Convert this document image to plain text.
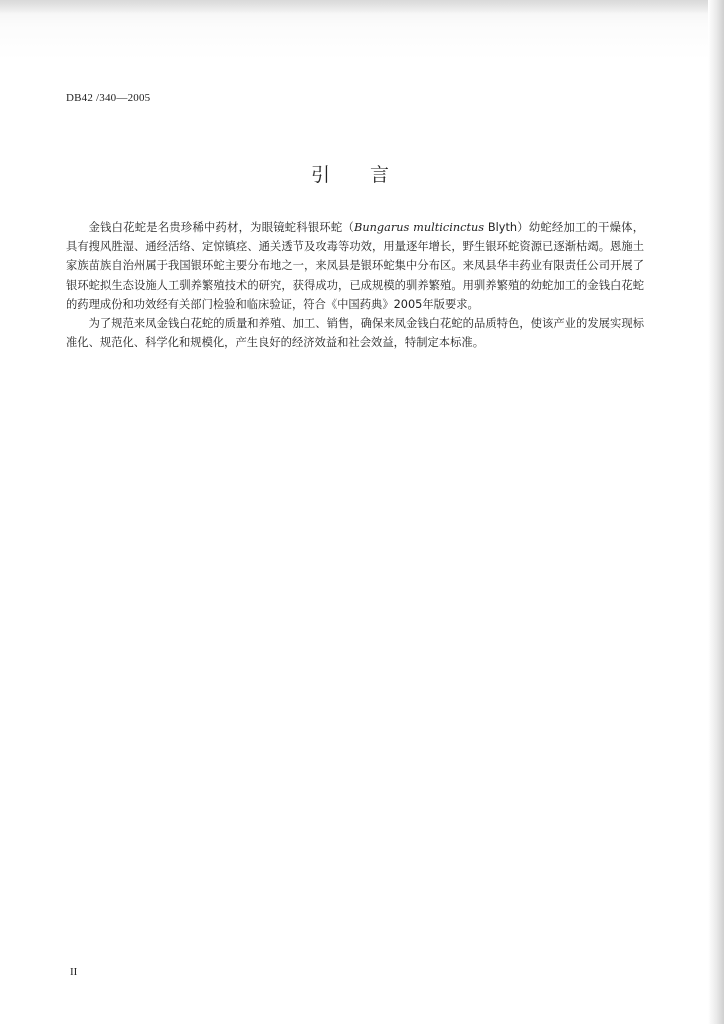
DB42 /340—2005
引言

金钱白花蛇是名贵珍稀中药材，为眼镜蛇科银环蛇（Bungarus multicinctus Blyth）幼蛇经加工的干燥体，具有搜风胜湿、通经活络、定惊镇痉、通关透节及攻毒等功效，用量逐年增长，野生银环蛇资源已逐渐枯竭。恩施土家族苗族自治州属于我国银环蛇主要分布地之一，来凤县是银环蛇集中分布区。来凤县华丰药业有限责任公司开展了银环蛇拟生态设施人工驯养繁殖技术的研究，获得成功，已成规模的驯养繁殖。用驯养繁殖的幼蛇加工的金钱白花蛇的药理成份和功效经有关部门检验和临床验证，符合《中国药典》2005年版要求。

为了规范来凤金钱白花蛇的质量和养殖、加工、销售，确保来凤金钱白花蛇的品质特色，使该产业的发展实现标准化、规范化、科学化和规模化，产生良好的经济效益和社会效益，特制定本标准。

II
